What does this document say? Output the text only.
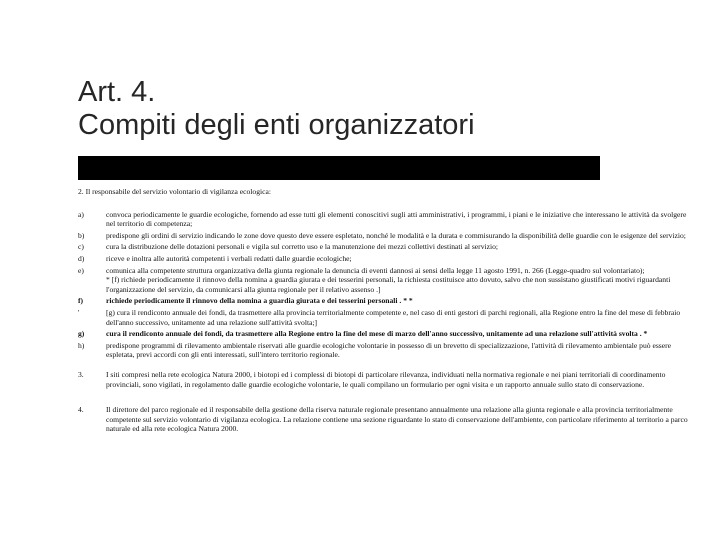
Art. 4.
Compiti degli enti organizzatori
2. Il responsabile del servizio volontario di vigilanza ecologica:
a)	convoca periodicamente le guardie ecologiche, fornendo ad esse tutti gli elementi conoscitivi sugli atti amministrativi, i programmi, i piani e le iniziative che interessano le attività da svolgere nel territorio di competenza;
b)	predispone gli ordini di servizio indicando le zone dove questo deve essere espletato, nonché le modalità e la durata e commisurando la disponibilità delle guardie con le esigenze del servizio;
c)	cura la distribuzione delle dotazioni personali e vigila sul corretto uso e la manutenzione dei mezzi collettivi destinati al servizio;
d)	riceve e inoltra alle autorità competenti i verbali redatti dalle guardie ecologiche;
e)	comunica alla competente struttura organizzativa della giunta regionale la denuncia di eventi dannosi ai sensi della legge 11 agosto 1991, n. 266 (Legge-quadro sul volontariato);
* [f) richiede periodicamente il rinnovo della nomina a guardia giurata e dei tesserini personali, la richiesta costituisce atto dovuto, salvo che non sussistano giustificati motivi riguardanti l'organizzazione del servizio, da comunicarsi alla giunta regionale per il relativo assenso .]
f)	richiede periodicamente il rinnovo della nomina a guardia giurata e dei tesserini personali . * *
'	[g) cura il rendiconto annuale dei fondi, da trasmettere alla provincia territorialmente competente e, nel caso di enti gestori di parchi regionali, alla Regione entro la fine del mese di febbraio dell'anno successivo, unitamente ad una relazione sull'attività svolta;]
g)	cura il rendiconto annuale dei fondi, da trasmettere alla Regione entro la fine del mese di marzo dell'anno successivo, unitamente ad una relazione sull'attività svolta . *
h)	predispone programmi di rilevamento ambientale riservati alle guardie ecologiche volontarie in possesso di un brevetto di specializzazione, l'attività di rilevamento ambientale può essere espletata, previ accordi con gli enti interessati, sull'intero territorio regionale.
3.	I siti compresi nella rete ecologica Natura 2000, i biotopi ed i complessi di biotopi di particolare rilevanza, individuati nella normativa regionale e nei piani territoriali di coordinamento provinciali, sono vigilati, in regolamento dalle guardie ecologiche volontarie, le quali compilano un formulario per ogni visita e un rapporto annuale sullo stato di conservazione.
4.	Il direttore del parco regionale ed il responsabile della gestione della riserva naturale regionale presentano annualmente una relazione alla giunta regionale e alla provincia territorialmente competente sul servizio volontario di vigilanza ecologica. La relazione contiene una sezione riguardante lo stato di conservazione dell'ambiente, con particolare riferimento al territorio a parco naturale ed alla rete ecologica Natura 2000.
